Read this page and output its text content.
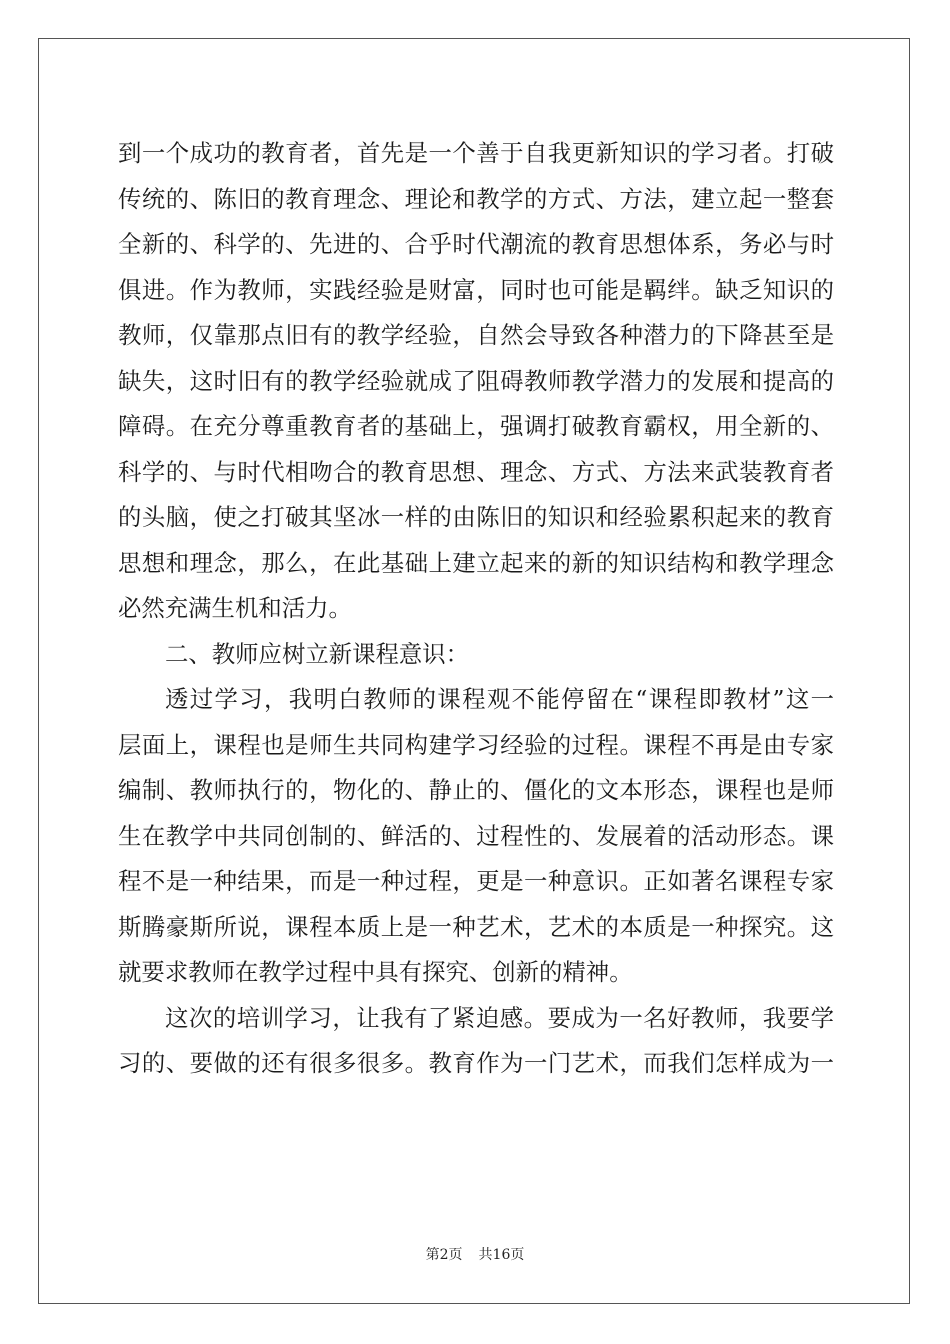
到一个成功的教育者，首先是一个善于自我更新知识的学习者。打破
传统的、陈旧的教育理念、理论和教学的方式、方法，建立起一整套
全新的、科学的、先进的、合乎时代潮流的教育思想体系，务必与时
俱进。作为教师，实践经验是财富，同时也可能是羁绊。缺乏知识的
教师，仅靠那点旧有的教学经验，自然会导致各种潜力的下降甚至是
缺失，这时旧有的教学经验就成了阻碍教师教学潜力的发展和提高的
障碍。在充分尊重教育者的基础上，强调打破教育霸权，用全新的、
科学的、与时代相吻合的教育思想、理念、方式、方法来武装教育者
的头脑，使之打破其坚冰一样的由陈旧的知识和经验累积起来的教育
思想和理念，那么，在此基础上建立起来的新的知识结构和教学理念
必然充满生机和活力。
二、教师应树立新课程意识：
透过学习，我明白教师的课程观不能停留在“课程即教材”这一
层面上，课程也是师生共同构建学习经验的过程。课程不再是由专家
编制、教师执行的，物化的、静止的、僵化的文本形态，课程也是师
生在教学中共同创制的、鲜活的、过程性的、发展着的活动形态。课
程不是一种结果，而是一种过程，更是一种意识。正如著名课程专家
斯腾豪斯所说，课程本质上是一种艺术，艺术的本质是一种探究。这
就要求教师在教学过程中具有探究、创新的精神。
这次的培训学习，让我有了紧迫感。要成为一名好教师，我要学
习的、要做的还有很多很多。教育作为一门艺术，而我们怎样成为一
第2页 共16页
